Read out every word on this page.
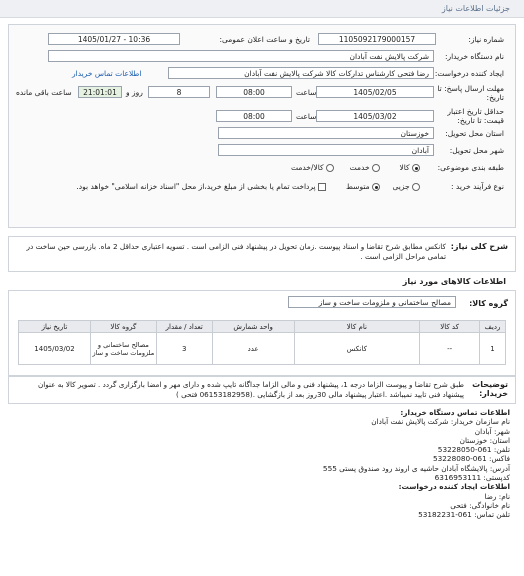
جزئیات اطلاعات نیاز
شماره نیاز:
1105092179000157
تاریخ و ساعت اعلان عمومی:
1405/01/27 - 10:36
نام دستگاه خریدار:
شرکت پالایش نفت آبادان
ایجاد کننده درخواست:
رضا فتحی کارشناس تدارکات کالا شرکت پالایش نفت آبادان
اطلاعات تماس خریدار
مهلت ارسال پاسخ: تا تاریخ:
1405/02/05
ساعت
08:00
8
روز و
21:01:01
ساعت باقی مانده
حداقل تاریخ اعتبار قیمت: تا تاریخ:
1405/03/02
ساعت
08:00
استان محل تحویل:
خوزستان
شهر محل تحویل:
آبادان
طبقه بندی موضوعی:
کالا
خدمت
کالا/خدمت
نوع فرآیند خرید :
جزیی
متوسط
پرداخت تمام یا بخشی از مبلغ خرید،از محل "اسناد خزانه اسلامی" خواهد بود.
شرح کلی نیاز:
کانکس مطابق شرح تقاضا و اسناد پیوست .زمان تحویل در پیشنهاد فنی الزامی است . تسویه اعتباری حداقل 2 ماه. بازرسی حین ساخت در تمامی مراحل الزامی است .
اطلاعات کالاهای مورد نیاز
گروه کالا:
مصالح ساختمانی و ملزومات ساخت و ساز
ردیف	کد کالا	نام کالا	واحد شمارش	تعداد / مقدار	گروه کالا	تاریخ نیاز
1	--	کانکس	عدد	3	مصالح ساختمانی و ملزومات ساخت و ساز	1405/03/02
توضیحات خریدار:
طبق شرح تقاضا و پیوست الزاما درجه 1، پیشنهاد فنی و مالی الزاما جداگانه تایپ شده و دارای مهر و امضا بارگزاری گردد . تصویر کالا به عنوان پیشنهاد فنی تایید نمیباشد .اعتبار پیشنهاد مالی 30روز بعد از بازگشایی .(06153182958 فتحی )
اطلاعات تماس دستگاه خریدار:
نام سازمان خریدار: شرکت پالایش نفت آبادان
شهر: آبادان
استان: خوزستان
تلفن: 061-53228050
فاکس: 061-53228080
آدرس: پالایشگاه آبادان حاشیه ی اروند رود صندوق پستی 555
کدپستی: 6316953111
اطلاعات ایجاد کننده درخواست:
نام: رضا
نام خانوادگی: فتحی
تلفن تماس: 061-53182231
